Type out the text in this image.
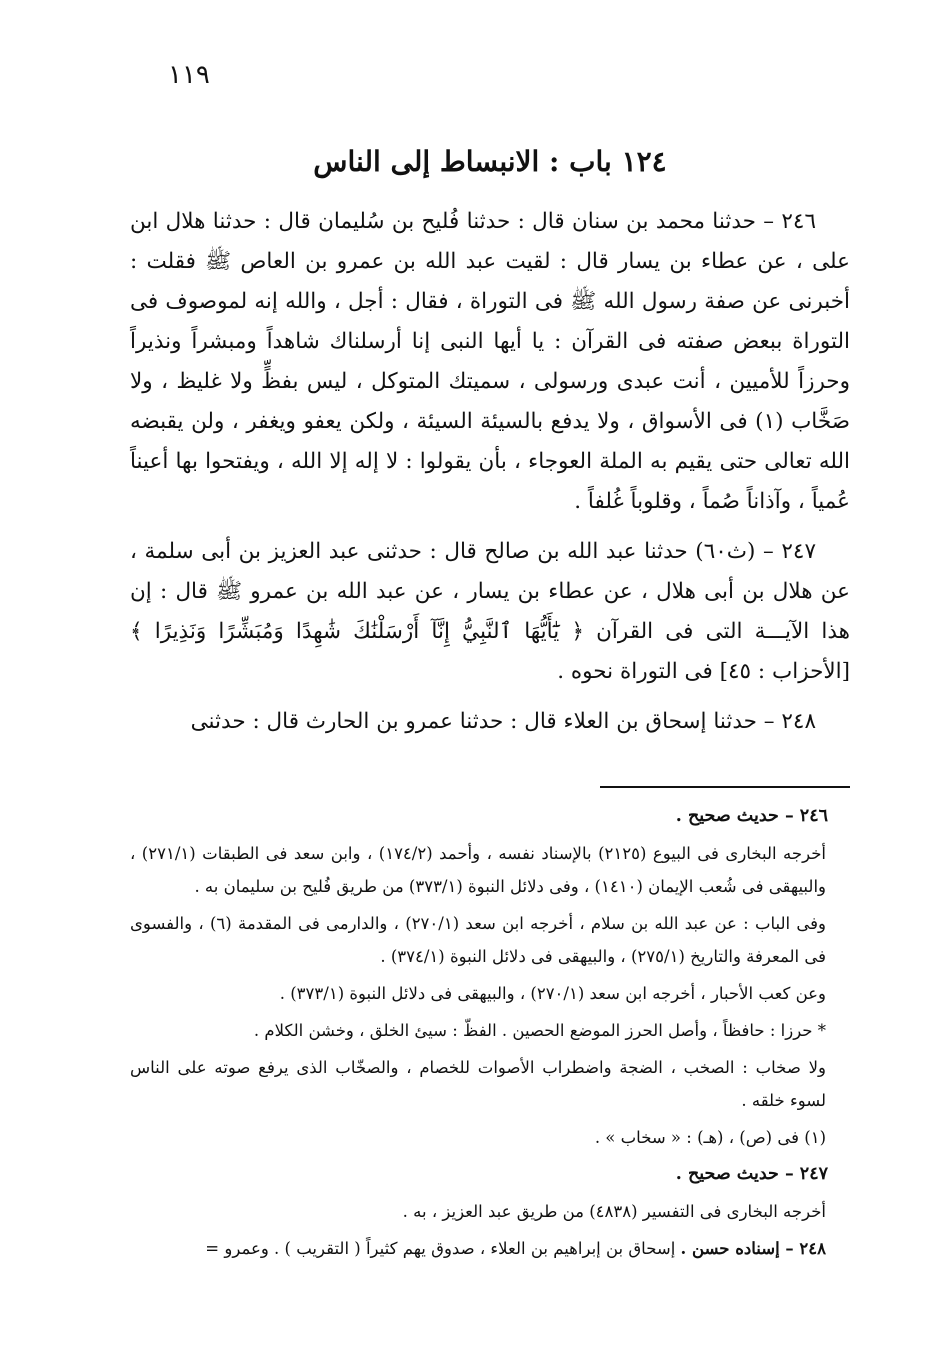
١١٩
١٢٤ باب : الانبساط إلى الناس

٢٤٦ – حدثنا محمد بن سنان قال : حدثنا فُليح بن سُليمان قال : حدثنا هلال ابن على ، عن عطاء بن يسار قال : لقيت عبد الله بن عمرو بن العاص ﷺ فقلت : أخبرنى عن صفة رسول الله ﷺ فى التوراة ، فقال : أجل ، والله إنه لموصوف فى التوراة ببعض صفته فى القرآن : يا أيها النبى إنا أرسلناك شاهداً ومبشراً ونذيراً وحرزاً للأميين ، أنت عبدى ورسولى ، سميتك المتوكل ، ليس بفظٍّ ولا غليظ ، ولا صَخَّاب (١) فى الأسواق ، ولا يدفع بالسيئة السيئة ، ولكن يعفو ويغفر ، ولن يقبضه الله تعالى حتى يقيم به الملة العوجاء ، بأن يقولوا : لا إله إلا الله ، ويفتحوا بها أعيناً عُمياً ، وآذاناً صُماً ، وقلوباً غُلفاً .

٢٤٧ – (ث٦٠) حدثنا عبد الله بن صالح قال : حدثنى عبد العزيز بن أبى سلمة ، عن هلال بن أبى هلال ، عن عطاء بن يسار ، عن عبد الله بن عمرو ﷺ قال : إن هذا الآيـــة التى فى القرآن ﴿ يَٰٓأَيُّهَا ٱلنَّبِيُّ إِنَّآ أَرْسَلْنَٰكَ شَٰهِدًا وَمُبَشِّرًا وَنَذِيرًا ﴾ [الأحزاب : ٤٥] فى التوراة نحوه .

٢٤٨ – حدثنا إسحاق بن العلاء قال : حدثنا عمرو بن الحارث قال : حدثنى

٢٤٦ – حديث صحيح .

أخرجه البخارى فى البيوع (٢١٢٥) بالإسناد نفسه ، وأحمد (١٧٤/٢) ، وابن سعد فى الطبقات (٢٧١/١) ، والبيهقى فى شُعب الإيمان (١٤١٠) ، وفى دلائل النبوة (٣٧٣/١) من طريق فُليح بن سليمان به .

وفى الباب : عن عبد الله بن سلام ، أخرجه ابن سعد (٢٧٠/١) ، والدارمى فى المقدمة (٦) ، والفسوى فى المعرفة والتاريخ (٢٧٥/١) ، والبيهقى فى دلائل النبوة (٣٧٤/١) .

وعن كعب الأحبار ، أخرجه ابن سعد (٢٧٠/١) ، والبيهقى فى دلائل النبوة (٣٧٣/١) .

* حرزا : حافظاً ، وأصل الحرز الموضع الحصين . الفظّ : سيئ الخلق ، وخشن الكلام .

ولا صخاب : الصخب ، الضجة واضطراب الأصوات للخصام ، والصخّاب الذى يرفع صوته على الناس لسوء خلقه .

(١) فى (ص) ، (هـ) : « سخاب » .

٢٤٧ – حديث صحيح .

أخرجه البخارى فى التفسير (٤٨٣٨) من طريق عبد العزيز ، به .

٢٤٨ – إسناده حسن . إسحاق بن إبراهيم بن العلاء ، صدوق يهم كثيراً ( التقريب ) . وعمرو =
